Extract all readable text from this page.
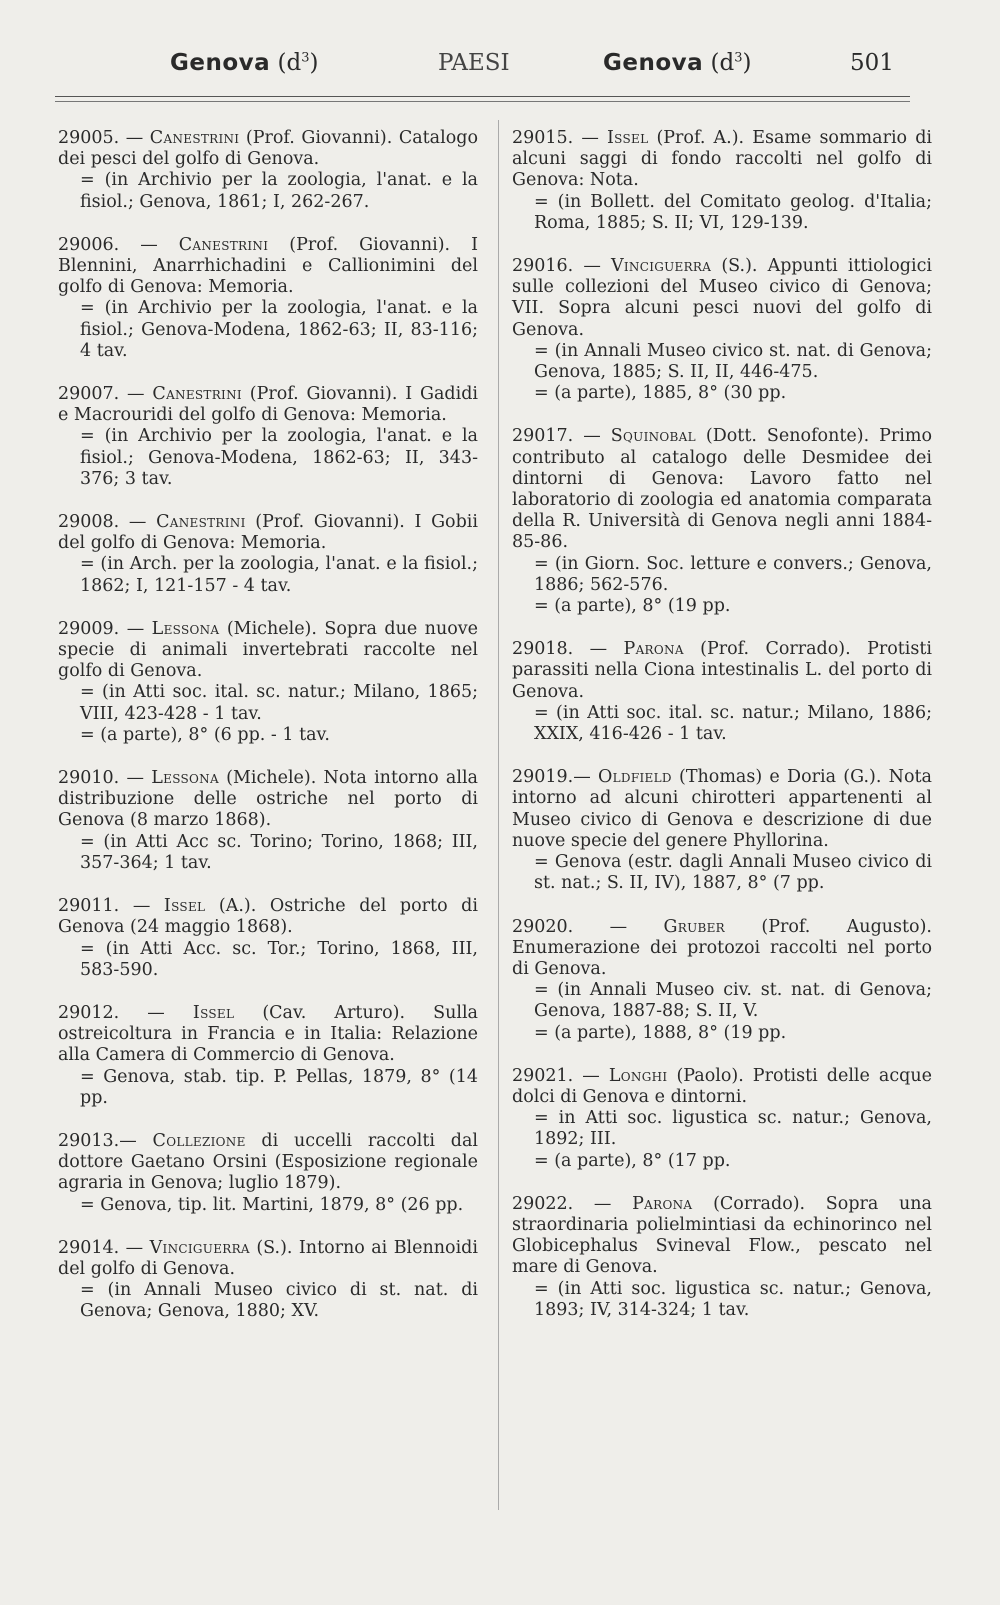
Genova $(d^3)$	PAESI	Genova $(d^3)$	501

29005. — Canestrini (Prof. Giovanni). Catalogo dei pesci del golfo di Genova.
= (in Archivio per la zoologia, l'anat. e la fisiol.; Genova, 1861; I, 262-267.

29006. — Canestrini (Prof. Giovanni). I Blennini, Anarrhichadini e Callionimini del golfo di Genova: Memoria.
= (in Archivio per la zoologia, l'anat. e la fisiol.; Genova-Modena, 1862-63; II, 83-116; 4 tav.

29007. — Canestrini (Prof. Giovanni). I Gadidi e Macrouridi del golfo di Genova: Memoria.
= (in Archivio per la zoologia, l'anat. e la fisiol.; Genova-Modena, 1862-63; II, 343-376; 3 tav.

29008. — Canestrini (Prof. Giovanni). I Gobii del golfo di Genova: Memoria.
= (in Arch. per la zoologia, l'anat. e la fisiol.; 1862; I, 121-157 - 4 tav.

29009. — Lessona (Michele). Sopra due nuove specie di animali invertebrati raccolte nel golfo di Genova.
= (in Atti soc. ital. sc. natur.; Milano, 1865; VIII, 423-428 - 1 tav.
= (a parte), 8° (6 pp. - 1 tav.

29010. — Lessona (Michele). Nota intorno alla distribuzione delle ostriche nel porto di Genova (8 marzo 1868).
= (in Atti Acc sc. Torino; Torino, 1868; III, 357-364; 1 tav.

29011. — Issel (A.). Ostriche del porto di Genova (24 maggio 1868).
= (in Atti Acc. sc. Tor.; Torino, 1868, III, 583-590.

29012. — Issel (Cav. Arturo). Sulla ostreicoltura in Francia e in Italia: Relazione alla Camera di Commercio di Genova.
= Genova, stab. tip. P. Pellas, 1879, 8° (14 pp.

29013.— Collezione di uccelli raccolti dal dottore Gaetano Orsini (Esposizione regionale agraria in Genova; luglio 1879).
= Genova, tip. lit. Martini, 1879, 8° (26 pp.

29014. — Vinciguerra (S.). Intorno ai Blennoidi del golfo di Genova.
= (in Annali Museo civico di st. nat. di Genova; Genova, 1880; XV.

29015. — Issel (Prof. A.). Esame sommario di alcuni saggi di fondo raccolti nel golfo di Genova: Nota.
= (in Bollett. del Comitato geolog. d'Italia; Roma, 1885; S. II; VI, 129-139.

29016. — Vinciguerra (S.). Appunti ittiologici sulle collezioni del Museo civico di Genova; VII. Sopra alcuni pesci nuovi del golfo di Genova.
= (in Annali Museo civico st. nat. di Genova; Genova, 1885; S. II, II, 446-475.
= (a parte), 1885, 8° (30 pp.

29017. — Squinobal (Dott. Senofonte). Primo contributo al catalogo delle Desmidee dei dintorni di Genova: Lavoro fatto nel laboratorio di zoologia ed anatomia comparata della R. Università di Genova negli anni 1884-85-86.
= (in Giorn. Soc. letture e convers.; Genova, 1886; 562-576.
= (a parte), 8° (19 pp.

29018. — Parona (Prof. Corrado). Protisti parassiti nella Ciona intestinalis L. del porto di Genova.
= (in Atti soc. ital. sc. natur.; Milano, 1886; XXIX, 416-426 - 1 tav.

29019.— Oldfield (Thomas) e Doria (G.). Nota intorno ad alcuni chirotteri appartenenti al Museo civico di Genova e descrizione di due nuove specie del genere Phyllorina.
= Genova (estr. dagli Annali Museo civico di st. nat.; S. II, IV), 1887, 8° (7 pp.

29020. — Gruber (Prof. Augusto). Enumerazione dei protozoi raccolti nel porto di Genova.
= (in Annali Museo civ. st. nat. di Genova; Genova, 1887-88; S. II, V.
= (a parte), 1888, 8° (19 pp.

29021. — Longhi (Paolo). Protisti delle acque dolci di Genova e dintorni.
= in Atti soc. ligustica sc. natur.; Genova, 1892; III.
= (a parte), 8° (17 pp.

29022. — Parona (Corrado). Sopra una straordinaria polielmintiasi da echinorinco nel Globicephalus Svineval Flow., pescato nel mare di Genova.
= (in Atti soc. ligustica sc. natur.; Genova, 1893; IV, 314-324; 1 tav.
